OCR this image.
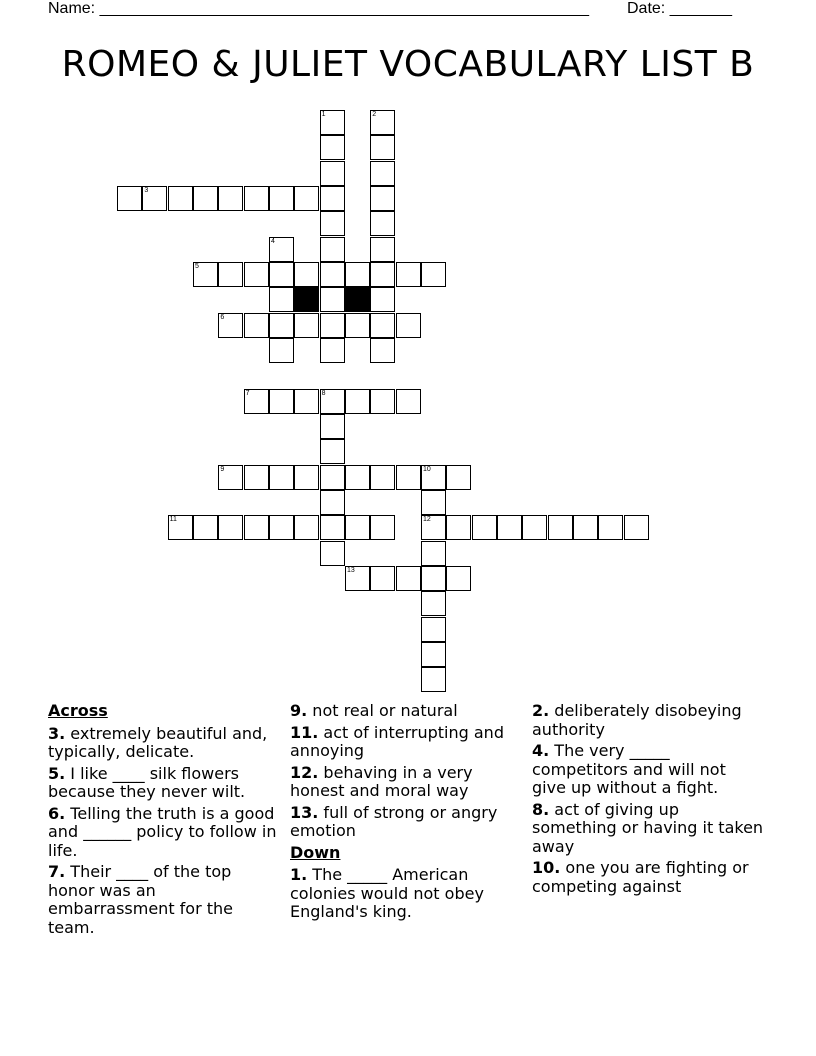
Name: _______________________________________________________ Date: _______
ROMEO & JULIET VOCABULARY LIST B
1	2
4
8
10
12
3
5
6
7
9
11
13
Across
3. extremely beautiful and, typically, delicate.
5. I like ____ silk flowers because they never wilt.
6. Telling the truth is a good and ______ policy to follow in life.
7. Their ____ of the top honor was an embarrassment for the team.
9. not real or natural
11. act of interrupting and annoying
12. behaving in a very honest and moral way
13. full of strong or angry emotion
Down
1. The _____ American colonies would not obey England's king.
2. deliberately disobeying authority
4. The very _____ competitors and will not give up without a fight.
8. act of giving up something or having it taken away
10. one you are fighting or competing against
